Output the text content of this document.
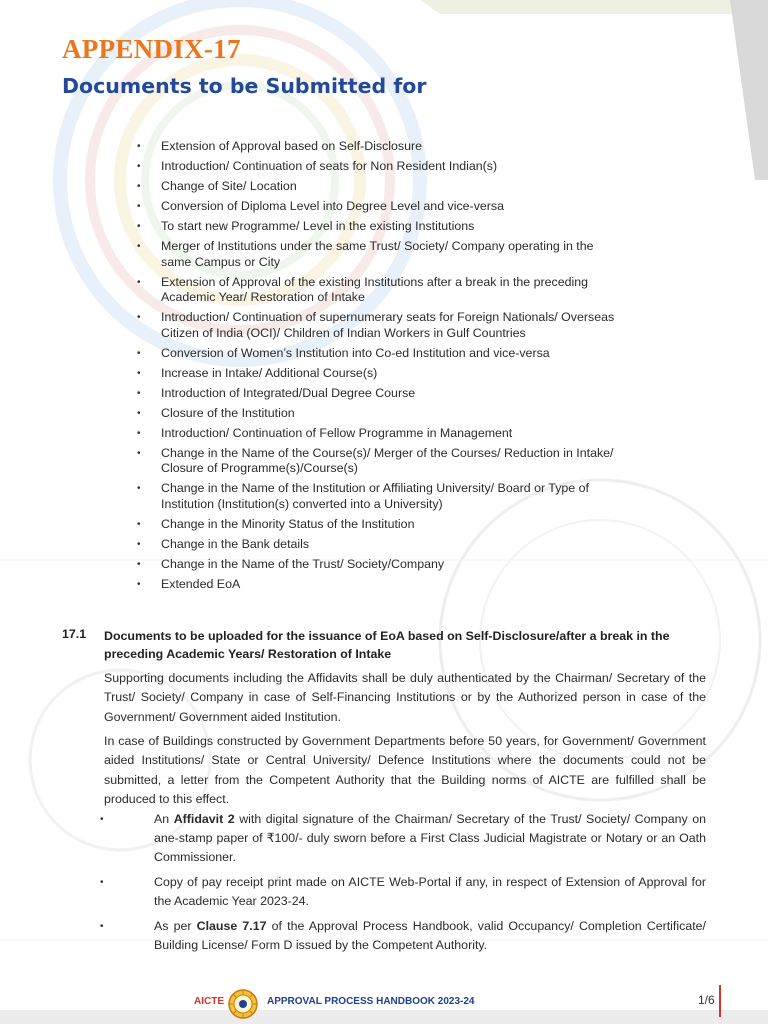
APPENDIX-17
Documents to be Submitted for
• Extension of Approval based on Self-Disclosure
• Introduction/ Continuation of seats for Non Resident Indian(s)
• Change of Site/ Location
• Conversion of Diploma Level into Degree Level and vice-versa
• To start new Programme/ Level in the existing Institutions
• Merger of Institutions under the same Trust/ Society/ Company operating in the same Campus or City
• Extension of Approval of the existing Institutions after a break in the preceding Academic Year/ Restoration of Intake
• Introduction/ Continuation of supernumerary seats for Foreign Nationals/ Overseas Citizen of India (OCI)/ Children of Indian Workers in Gulf Countries
• Conversion of Women’s Institution into Co-ed Institution and vice-versa
• Increase in Intake/ Additional Course(s)
• Introduction of Integrated/Dual Degree Course
• Closure of the Institution
• Introduction/ Continuation of Fellow Programme in Management
• Change in the Name of the Course(s)/ Merger of the Courses/ Reduction in Intake/ Closure of Programme(s)/Course(s)
• Change in the Name of the Institution or Affiliating University/ Board or Type of Institution (Institution(s) converted into a University)
• Change in the Minority Status of the Institution
• Change in the Bank details
• Change in the Name of the Trust/ Society/Company
• Extended EoA
17.1 Documents to be uploaded for the issuance of EoA based on Self-Disclosure/after a break in the preceding Academic Years/ Restoration of Intake
Supporting documents including the Affidavits shall be duly authenticated by the Chairman/ Secretary of the Trust/ Society/ Company in case of Self-Financing Institutions or by the Authorized person in case of the Government/ Government aided Institution.
In case of Buildings constructed by Government Departments before 50 years, for Government/ Government aided Institutions/ State or Central University/ Defence Institutions where the documents could not be submitted, a letter from the Competent Authority that the Building norms of AICTE are fulfilled shall be produced to this effect.
• An Affidavit 2 with digital signature of the Chairman/ Secretary of the Trust/ Society/ Company on ane-stamp paper of ₹100/- duly sworn before a First Class Judicial Magistrate or Notary or an Oath Commissioner.
• Copy of pay receipt print made on AICTE Web-Portal if any, in respect of Extension of Approval for the Academic Year 2023-24.
• As per Clause 7.17 of the Approval Process Handbook, valid Occupancy/ Completion Certificate/ Building License/ Form D issued by the Competent Authority.
AICTE	APPROVAL PROCESS HANDBOOK 2023-24	1/6
